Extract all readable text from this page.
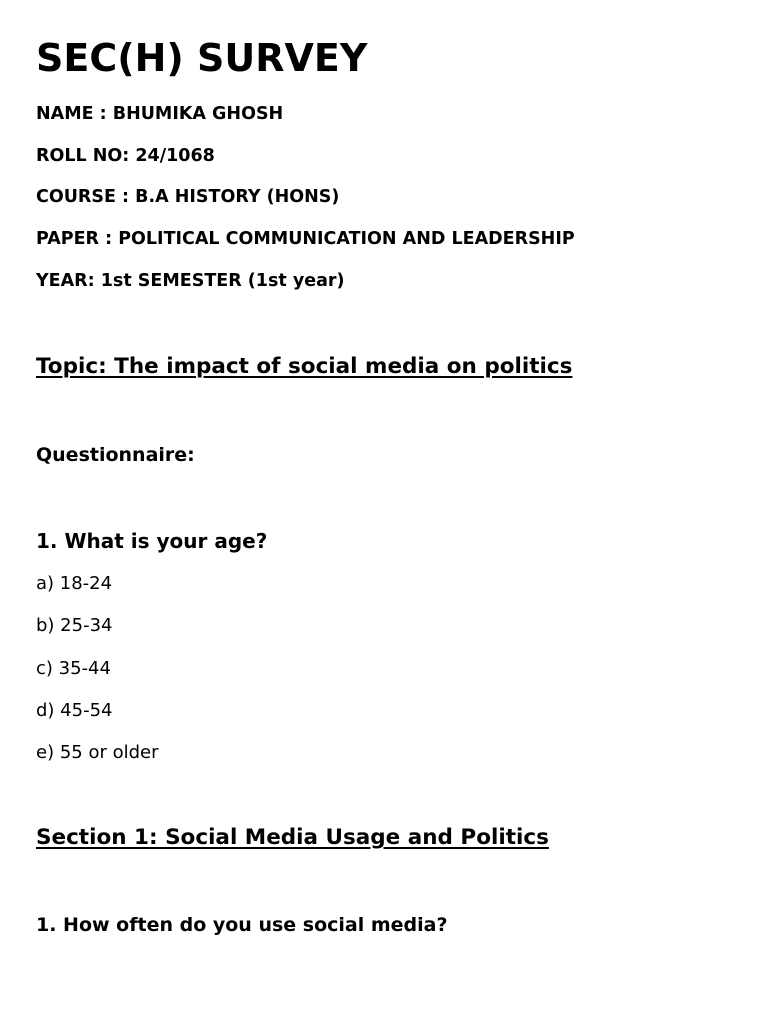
SEC(H) SURVEY

NAME : BHUMIKA GHOSH

ROLL NO: 24/1068

COURSE : B.A HISTORY (HONS)

PAPER : POLITICAL COMMUNICATION AND LEADERSHIP

YEAR: 1st SEMESTER (1st year)

Topic: The impact of social media on politics

Questionnaire:

1. What is your age?

a) 18-24

b) 25-34

c) 35-44

d) 45-54

e) 55 or older

Section 1: Social Media Usage and Politics

1. How often do you use social media?
